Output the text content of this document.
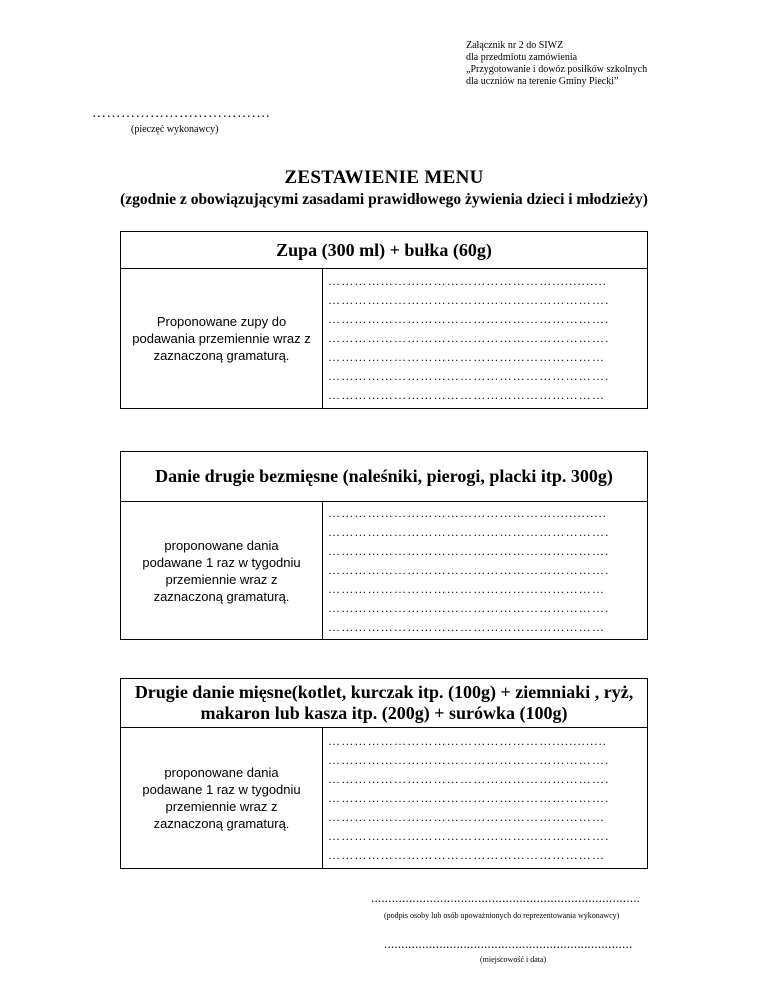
Załącznik nr 2 do SIWZ
dla przedmiotu zamówienia
„Przygotowanie i dowóz posiłków szkolnych
dla uczniów na terenie Gminy Piecki”
……………………………….
(pieczęć wykonawcy)
ZESTAWIENIE MENU
(zgodnie z obowiązującymi zasadami prawidłowego żywienia dzieci i młodzieży)
Zupa (300 ml) + bułka (60g)
Proponowane zupy do podawania przemiennie wraz z zaznaczoną gramaturą.
…………………………………………….............
……………………………………………………….
……………………………………………………….
……………………………………………………….
………………………………………………………
……………………………………………………….
………………………………………………………
Danie drugie bezmięsne (naleśniki, pierogi, placki itp. 300g)
proponowane dania podawane 1 raz w tygodniu przemiennie wraz z zaznaczoną gramaturą.
…………………………………………….............
……………………………………………………….
……………………………………………………….
……………………………………………………….
………………………………………………………
……………………………………………………….
………………………………………………………
Drugie danie mięsne(kotlet, kurczak itp. (100g) + ziemniaki , ryż, makaron lub kasza itp. (200g) + surówka (100g)
proponowane dania podawane 1 raz w tygodniu przemiennie wraz z zaznaczoną gramaturą.
…………………………………………….............
……………………………………………………….
……………………………………………………….
……………………………………………………….
………………………………………………………
……………………………………………………….
………………………………………………………
..............................................................................
(podpis osoby lub osób upoważnionych do reprezentowania wykonawcy)
........................................................................
(miejscowość i data)
